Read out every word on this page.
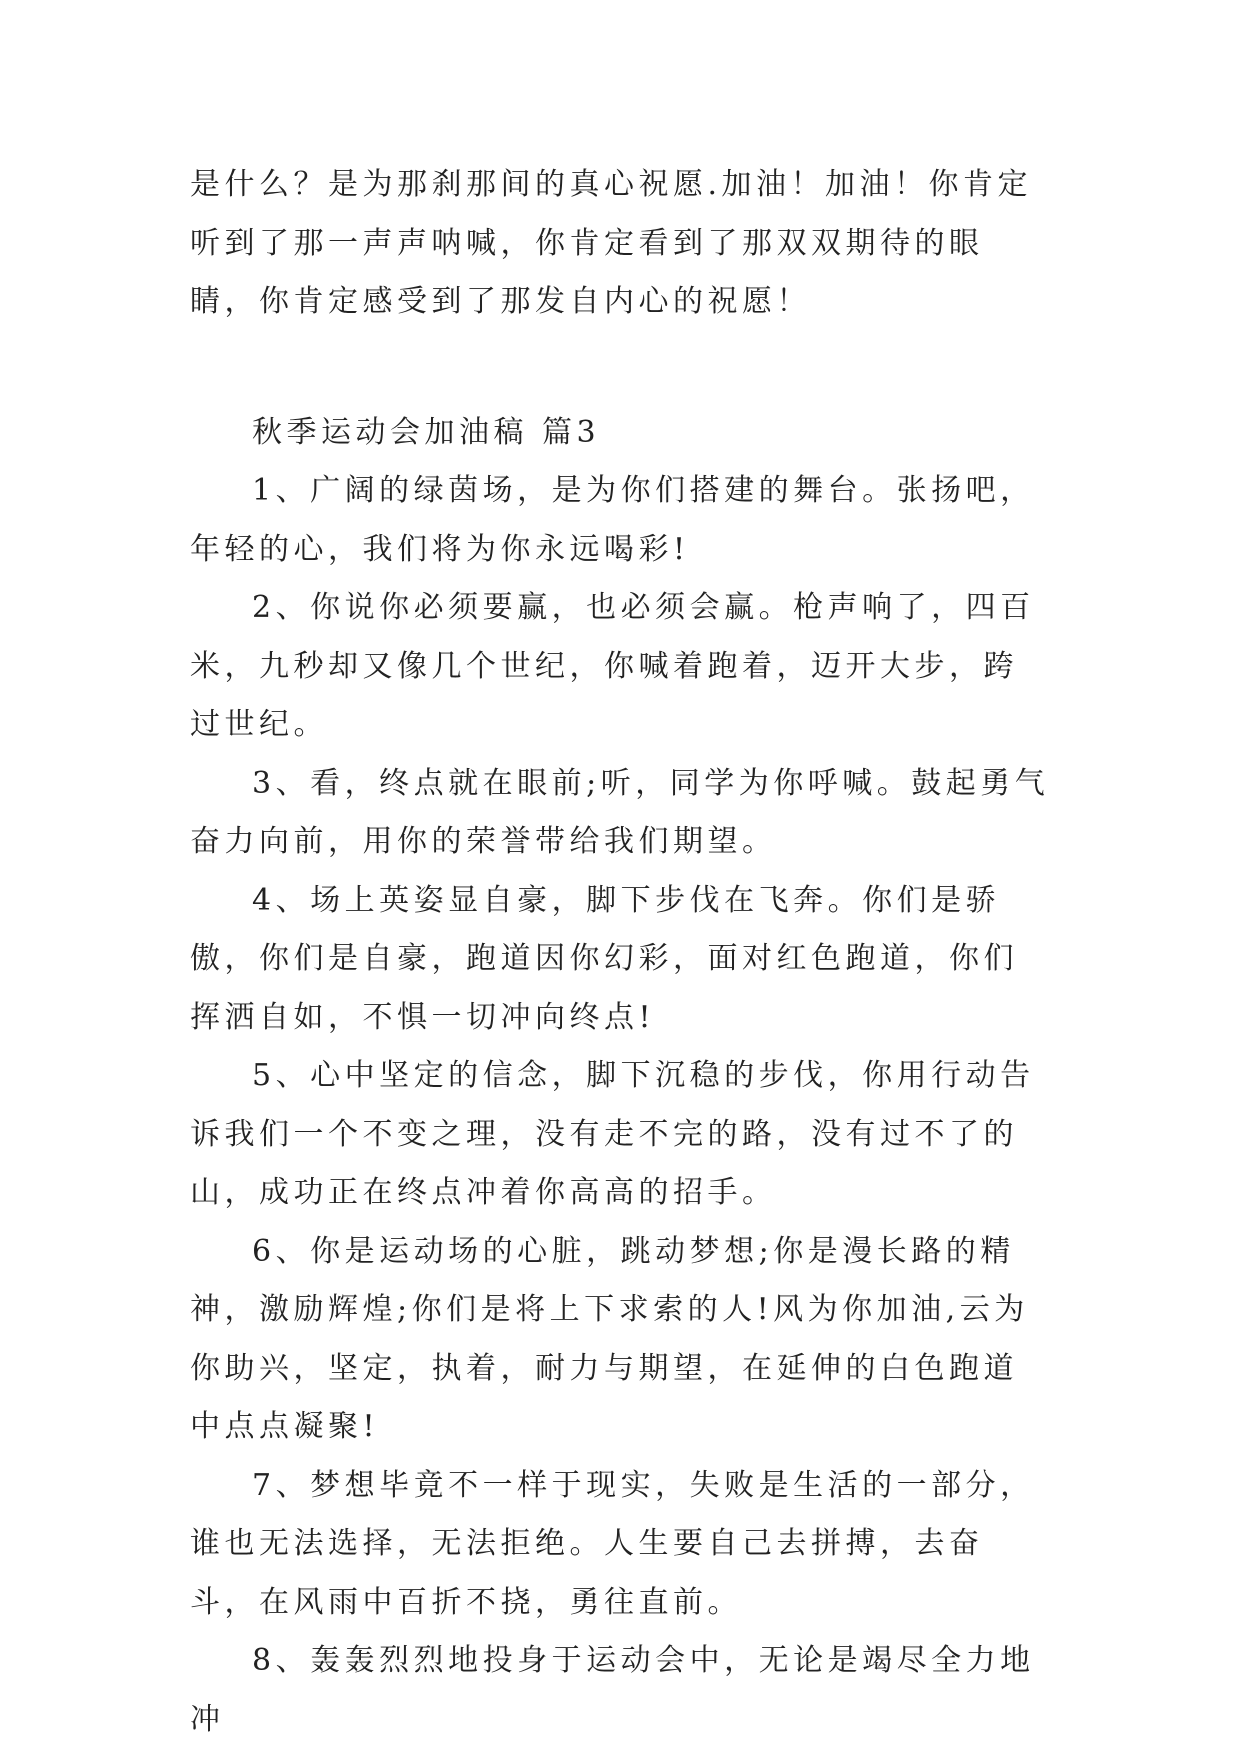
是什么？是为那刹那间的真心祝愿.加油！加油！你肯定听到了那一声声呐喊，你肯定看到了那双双期待的眼睛，你肯定感受到了那发自内心的祝愿！

秋季运动会加油稿 篇3

1、广阔的绿茵场，是为你们搭建的舞台。张扬吧，年轻的心，我们将为你永远喝彩!

2、你说你必须要赢，也必须会赢。枪声响了，四百米，九秒却又像几个世纪，你喊着跑着，迈开大步，跨过世纪。

3、看，终点就在眼前;听，同学为你呼喊。鼓起勇气奋力向前，用你的荣誉带给我们期望。

4、场上英姿显自豪，脚下步伐在飞奔。你们是骄傲，你们是自豪，跑道因你幻彩，面对红色跑道，你们挥洒自如，不惧一切冲向终点!

5、心中坚定的信念，脚下沉稳的步伐，你用行动告诉我们一个不变之理，没有走不完的路，没有过不了的山，成功正在终点冲着你高高的招手。

6、你是运动场的心脏，跳动梦想;你是漫长路的精神，激励辉煌;你们是将上下求索的人!风为你加油,云为你助兴，坚定，执着，耐力与期望，在延伸的白色跑道中点点凝聚!

7、梦想毕竟不一样于现实，失败是生活的一部分，谁也无法选择，无法拒绝。人生要自己去拼搏，去奋斗，在风雨中百折不挠，勇往直前。

8、轰轰烈烈地投身于运动会中，无论是竭尽全力地冲
